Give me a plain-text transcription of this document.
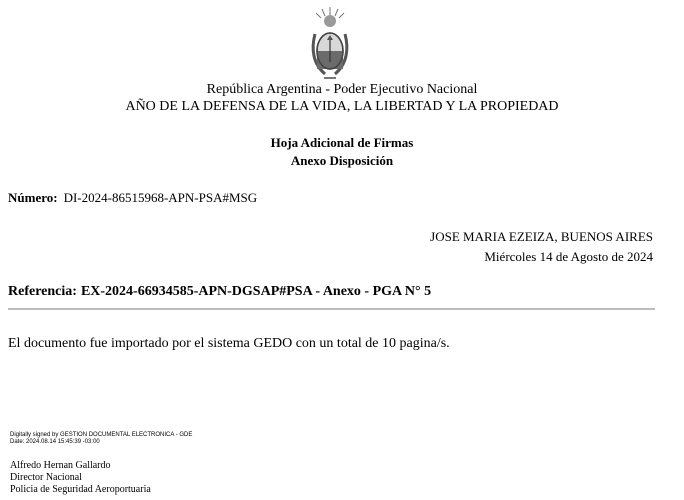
República Argentina - Poder Ejecutivo Nacional
AÑO DE LA DEFENSA DE LA VIDA, LA LIBERTAD Y LA PROPIEDAD
Hoja Adicional de Firmas
Anexo Disposición
Número: DI-2024-86515968-APN-PSA#MSG
JOSE MARIA EZEIZA, BUENOS AIRES
Miércoles 14 de Agosto de 2024
Referencia: EX-2024-66934585-APN-DGSAP#PSA - Anexo - PGA N° 5
El documento fue importado por el sistema GEDO con un total de 10 pagina/s.
Digitally signed by GESTION DOCUMENTAL ELECTRONICA - GDE
Date: 2024.08.14 15:45:39 -03:00
Alfredo Hernan Gallardo
Director Nacional
Policia de Seguridad Aeroportuaria
